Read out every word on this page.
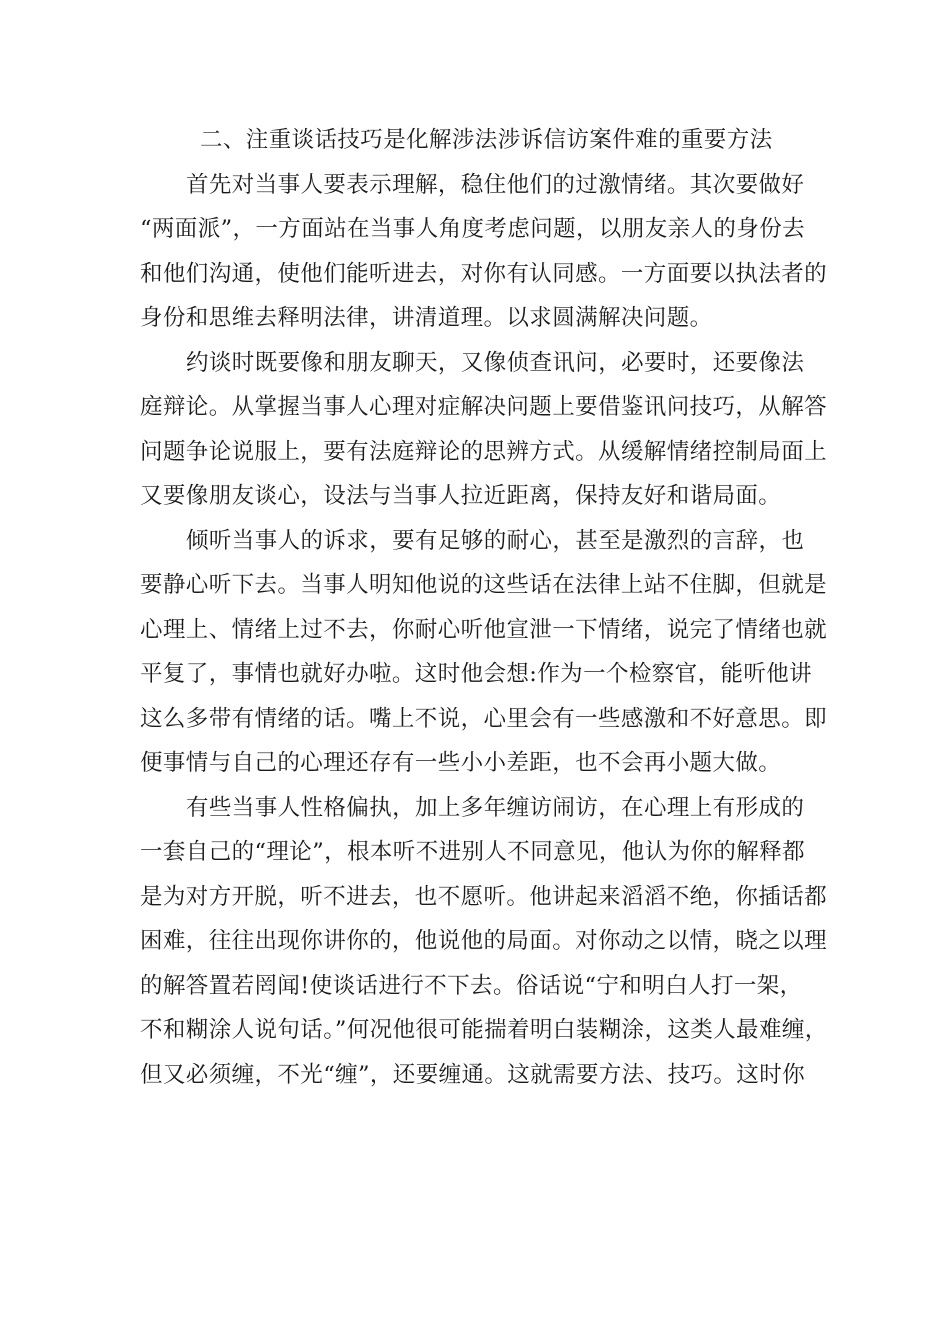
二、注重谈话技巧是化解涉法涉诉信访案件难的重要方法
首先对当事人要表示理解，稳住他们的过激情绪。其次要做好
“两面派”，一方面站在当事人角度考虑问题，以朋友亲人的身份去
和他们沟通，使他们能听进去，对你有认同感。一方面要以执法者的
身份和思维去释明法律，讲清道理。以求圆满解决问题。
约谈时既要像和朋友聊天，又像侦查讯问，必要时，还要像法
庭辩论。从掌握当事人心理对症解决问题上要借鉴讯问技巧，从解答
问题争论说服上，要有法庭辩论的思辨方式。从缓解情绪控制局面上
又要像朋友谈心，设法与当事人拉近距离，保持友好和谐局面。
倾听当事人的诉求，要有足够的耐心，甚至是激烈的言辞，也
要静心听下去。当事人明知他说的这些话在法律上站不住脚，但就是
心理上、情绪上过不去，你耐心听他宣泄一下情绪，说完了情绪也就
平复了，事情也就好办啦。这时他会想:作为一个检察官，能听他讲
这么多带有情绪的话。嘴上不说，心里会有一些感激和不好意思。即
便事情与自己的心理还存有一些小小差距，也不会再小题大做。
有些当事人性格偏执，加上多年缠访闹访，在心理上有形成的
一套自己的“理论”，根本听不进别人不同意见，他认为你的解释都
是为对方开脱，听不进去，也不愿听。他讲起来滔滔不绝，你插话都
困难，往往出现你讲你的，他说他的局面。对你动之以情，晓之以理
的解答置若罔闻!使谈话进行不下去。俗话说“宁和明白人打一架，
不和糊涂人说句话。”何况他很可能揣着明白装糊涂，这类人最难缠，
但又必须缠，不光“缠”，还要缠通。这就需要方法、技巧。这时你
